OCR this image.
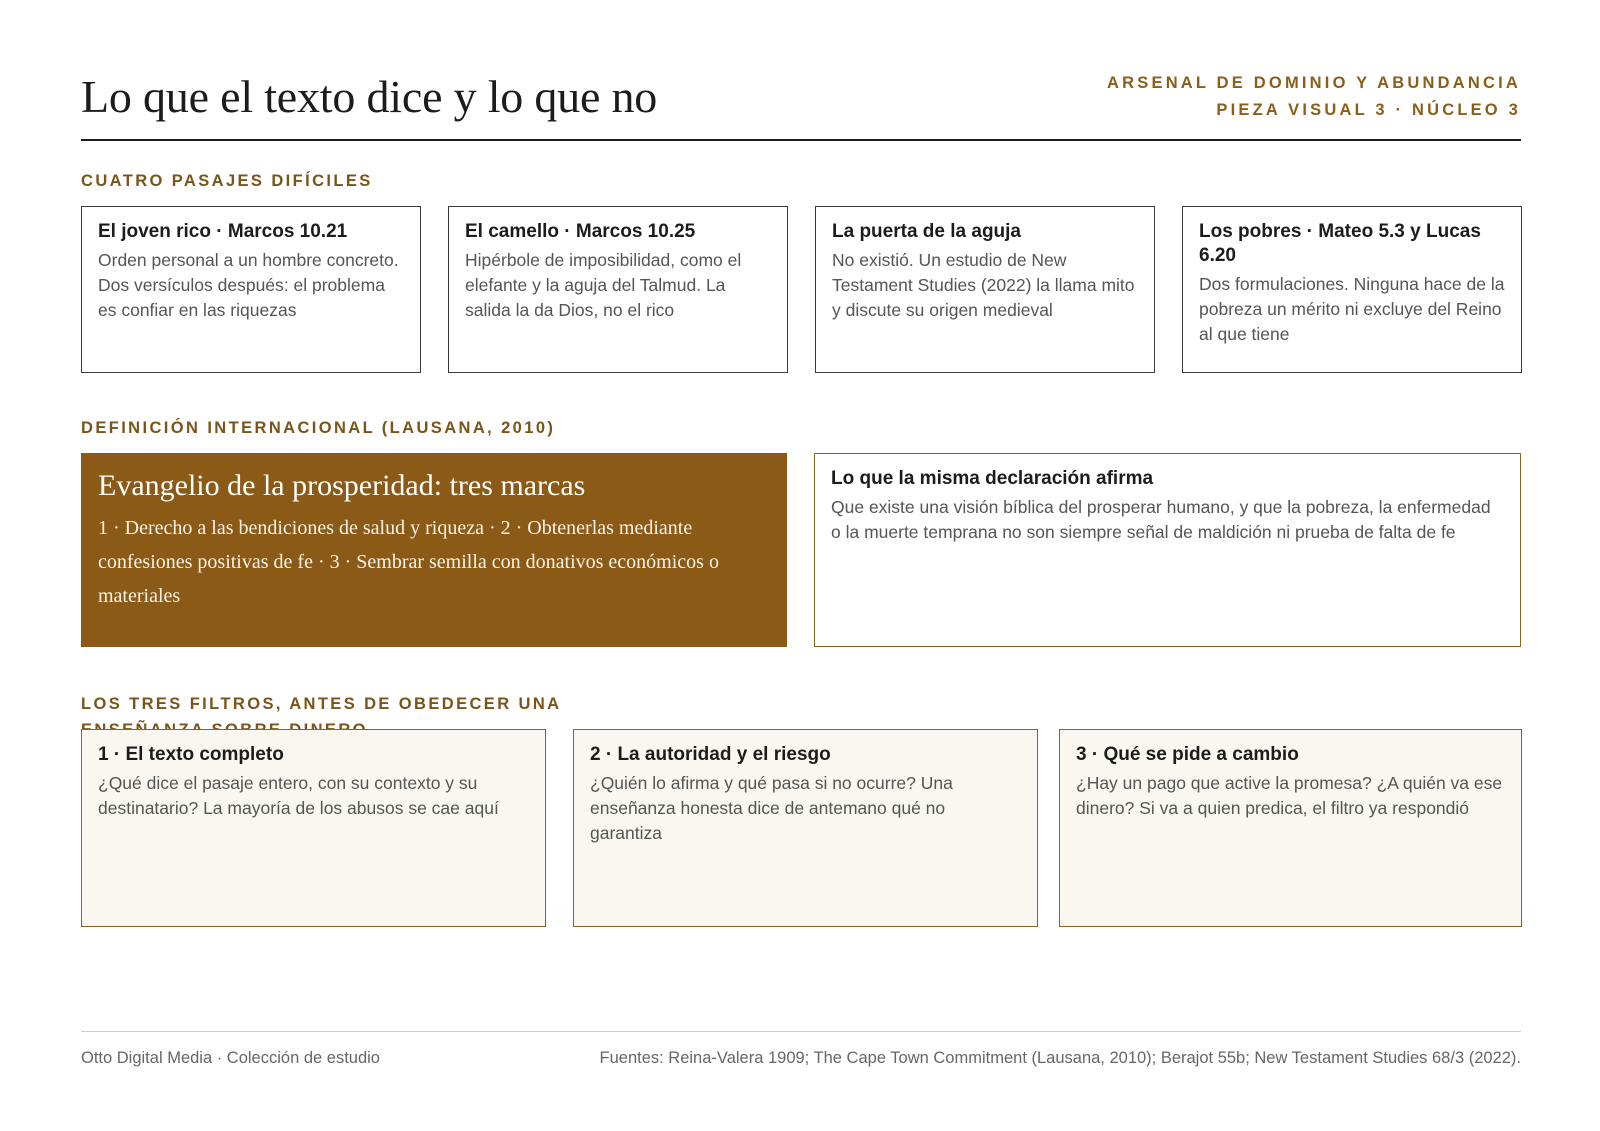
Lo que el texto dice y lo que no	ARSENAL DE DOMINIO Y ABUNDANCIA
PIEZA VISUAL 3 · NÚCLEO 3
CUATRO PASAJES DIFÍCILES
El joven rico · Marcos 10.21
Orden personal a un hombre concreto. Dos versículos después: el problema es confiar en las riquezas
El camello · Marcos 10.25
Hipérbole de imposibilidad, como el elefante y la aguja del Talmud. La salida la da Dios, no el rico
La puerta de la aguja
No existió. Un estudio de New Testament Studies (2022) la llama mito y discute su origen medieval
Los pobres · Mateo 5.3 y Lucas 6.20
Dos formulaciones. Ninguna hace de la pobreza un mérito ni excluye del Reino al que tiene
DEFINICIÓN INTERNACIONAL (LAUSANA, 2010)
Evangelio de la prosperidad: tres marcas
1 · Derecho a las bendiciones de salud y riqueza · 2 · Obtenerlas mediante confesiones positivas de fe · 3 · Sembrar semilla con donativos económicos o materiales
Lo que la misma declaración afirma
Que existe una visión bíblica del prosperar humano, y que la pobreza, la enfermedad o la muerte temprana no son siempre señal de maldición ni prueba de falta de fe
LOS TRES FILTROS, ANTES DE OBEDECER UNA
1 · El texto completo
¿Qué dice el pasaje entero, con su contexto y su destinatario? La mayoría de los abusos se cae aquí
2 · La autoridad y el riesgo
¿Quién lo afirma y qué pasa si no ocurre? Una enseñanza honesta dice de antemano qué no garantiza
3 · Qué se pide a cambio
¿Hay un pago que active la promesa? ¿A quién va ese dinero? Si va a quien predica, el filtro ya respondió
Otto Digital Media · Colección de estudio	Fuentes: Reina-Valera 1909; The Cape Town Commitment (Lausana, 2010); Berajot 55b; New Testament Studies 68/3 (2022).
